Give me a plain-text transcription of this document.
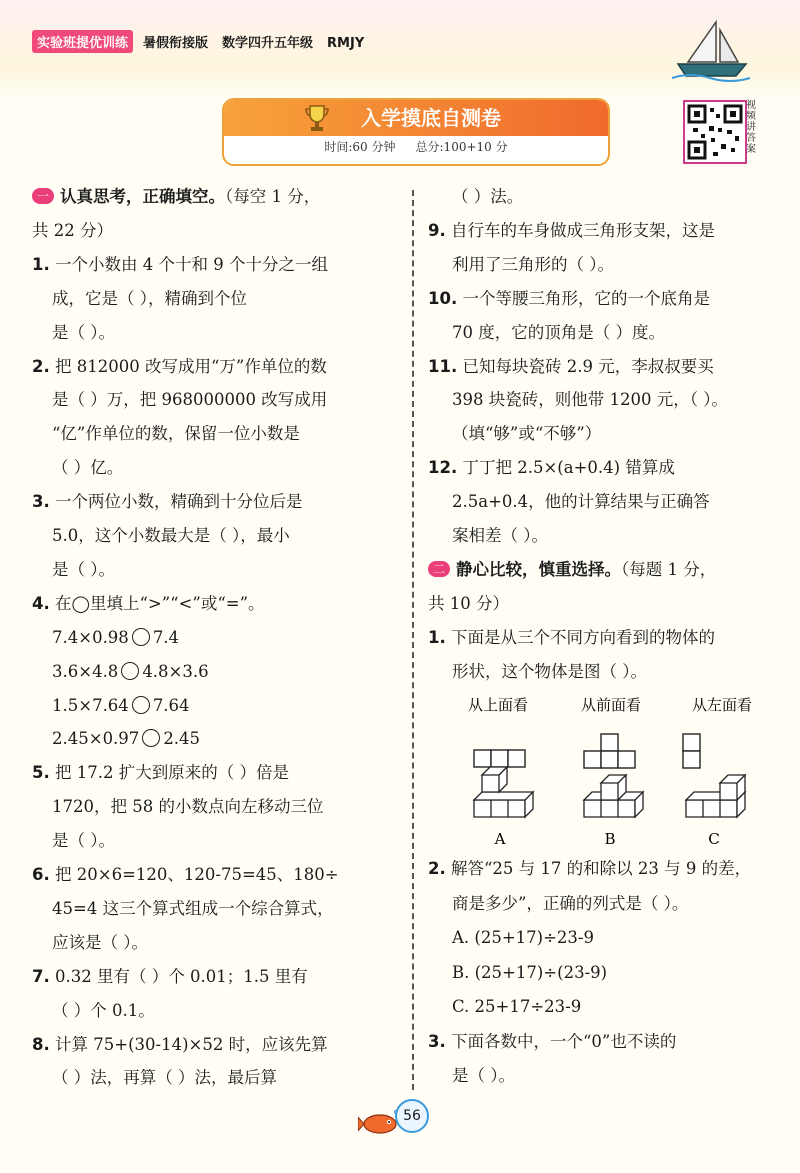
实验班提优训练 暑假衔接版 数学四升五年级 RMJY
入学摸底自测卷
时间:60 分钟 总分:100+10 分
视
频
讲
答
案
一 认真思考，正确填空。（每空 1 分，
共 22 分）
1. 一个小数由 4 个十和 9 个十分之一组
成，它是（ ），精确到个位
是（ ）。
2. 把 812000 改写成用“万”作单位的数
是（ ）万，把 968000000 改写成用
“亿”作单位的数，保留一位小数是
（ ）亿。
3. 一个两位小数，精确到十分位后是
5.0，这个小数最大是（ ），最小
是（ ）。
4. 在◯里填上“>”“<”或“=”。
7.4×0.98 7.4
3.6×4.8 4.8×3.6
1.5×7.64 7.64
2.45×0.97 2.45
5. 把 17.2 扩大到原来的（ ）倍是
1720，把 58 的小数点向左移动三位
是（ ）。
6. 把 20×6=120、120-75=45、180÷
45=4 这三个算式组成一个综合算式，
应该是（ ）。
7. 0.32 里有（ ）个 0.01；1.5 里有
（ ）个 0.1。
8. 计算 75+(30-14)×52 时，应该先算
（ ）法，再算（ ）法，最后算
（ ）法。
9. 自行车的车身做成三角形支架，这是
利用了三角形的（ ）。
10. 一个等腰三角形，它的一个底角是
70 度，它的顶角是（ ）度。
11. 已知每块瓷砖 2.9 元，李叔叔要买
398 块瓷砖，则他带 1200 元，（ ）。
（填“够”或“不够”）
12. 丁丁把 2.5×(a+0.4) 错算成
2.5a+0.4，他的计算结果与正确答
案相差（ ）。
二 静心比较，慎重选择。（每题 1 分，
共 10 分）
1. 下面是从三个不同方向看到的物体的
形状，这个物体是图（ ）。
2. 解答“25 与 17 的和除以 23 与 9 的差，
商是多少”，正确的列式是（ ）。
A. (25+17)÷23-9
B. (25+17)÷(23-9)
C. 25+17÷23-9
3. 下面各数中，一个“0”也不读的
是（ ）。
从上面看	从前面看	从左面看
A	B	C
56
